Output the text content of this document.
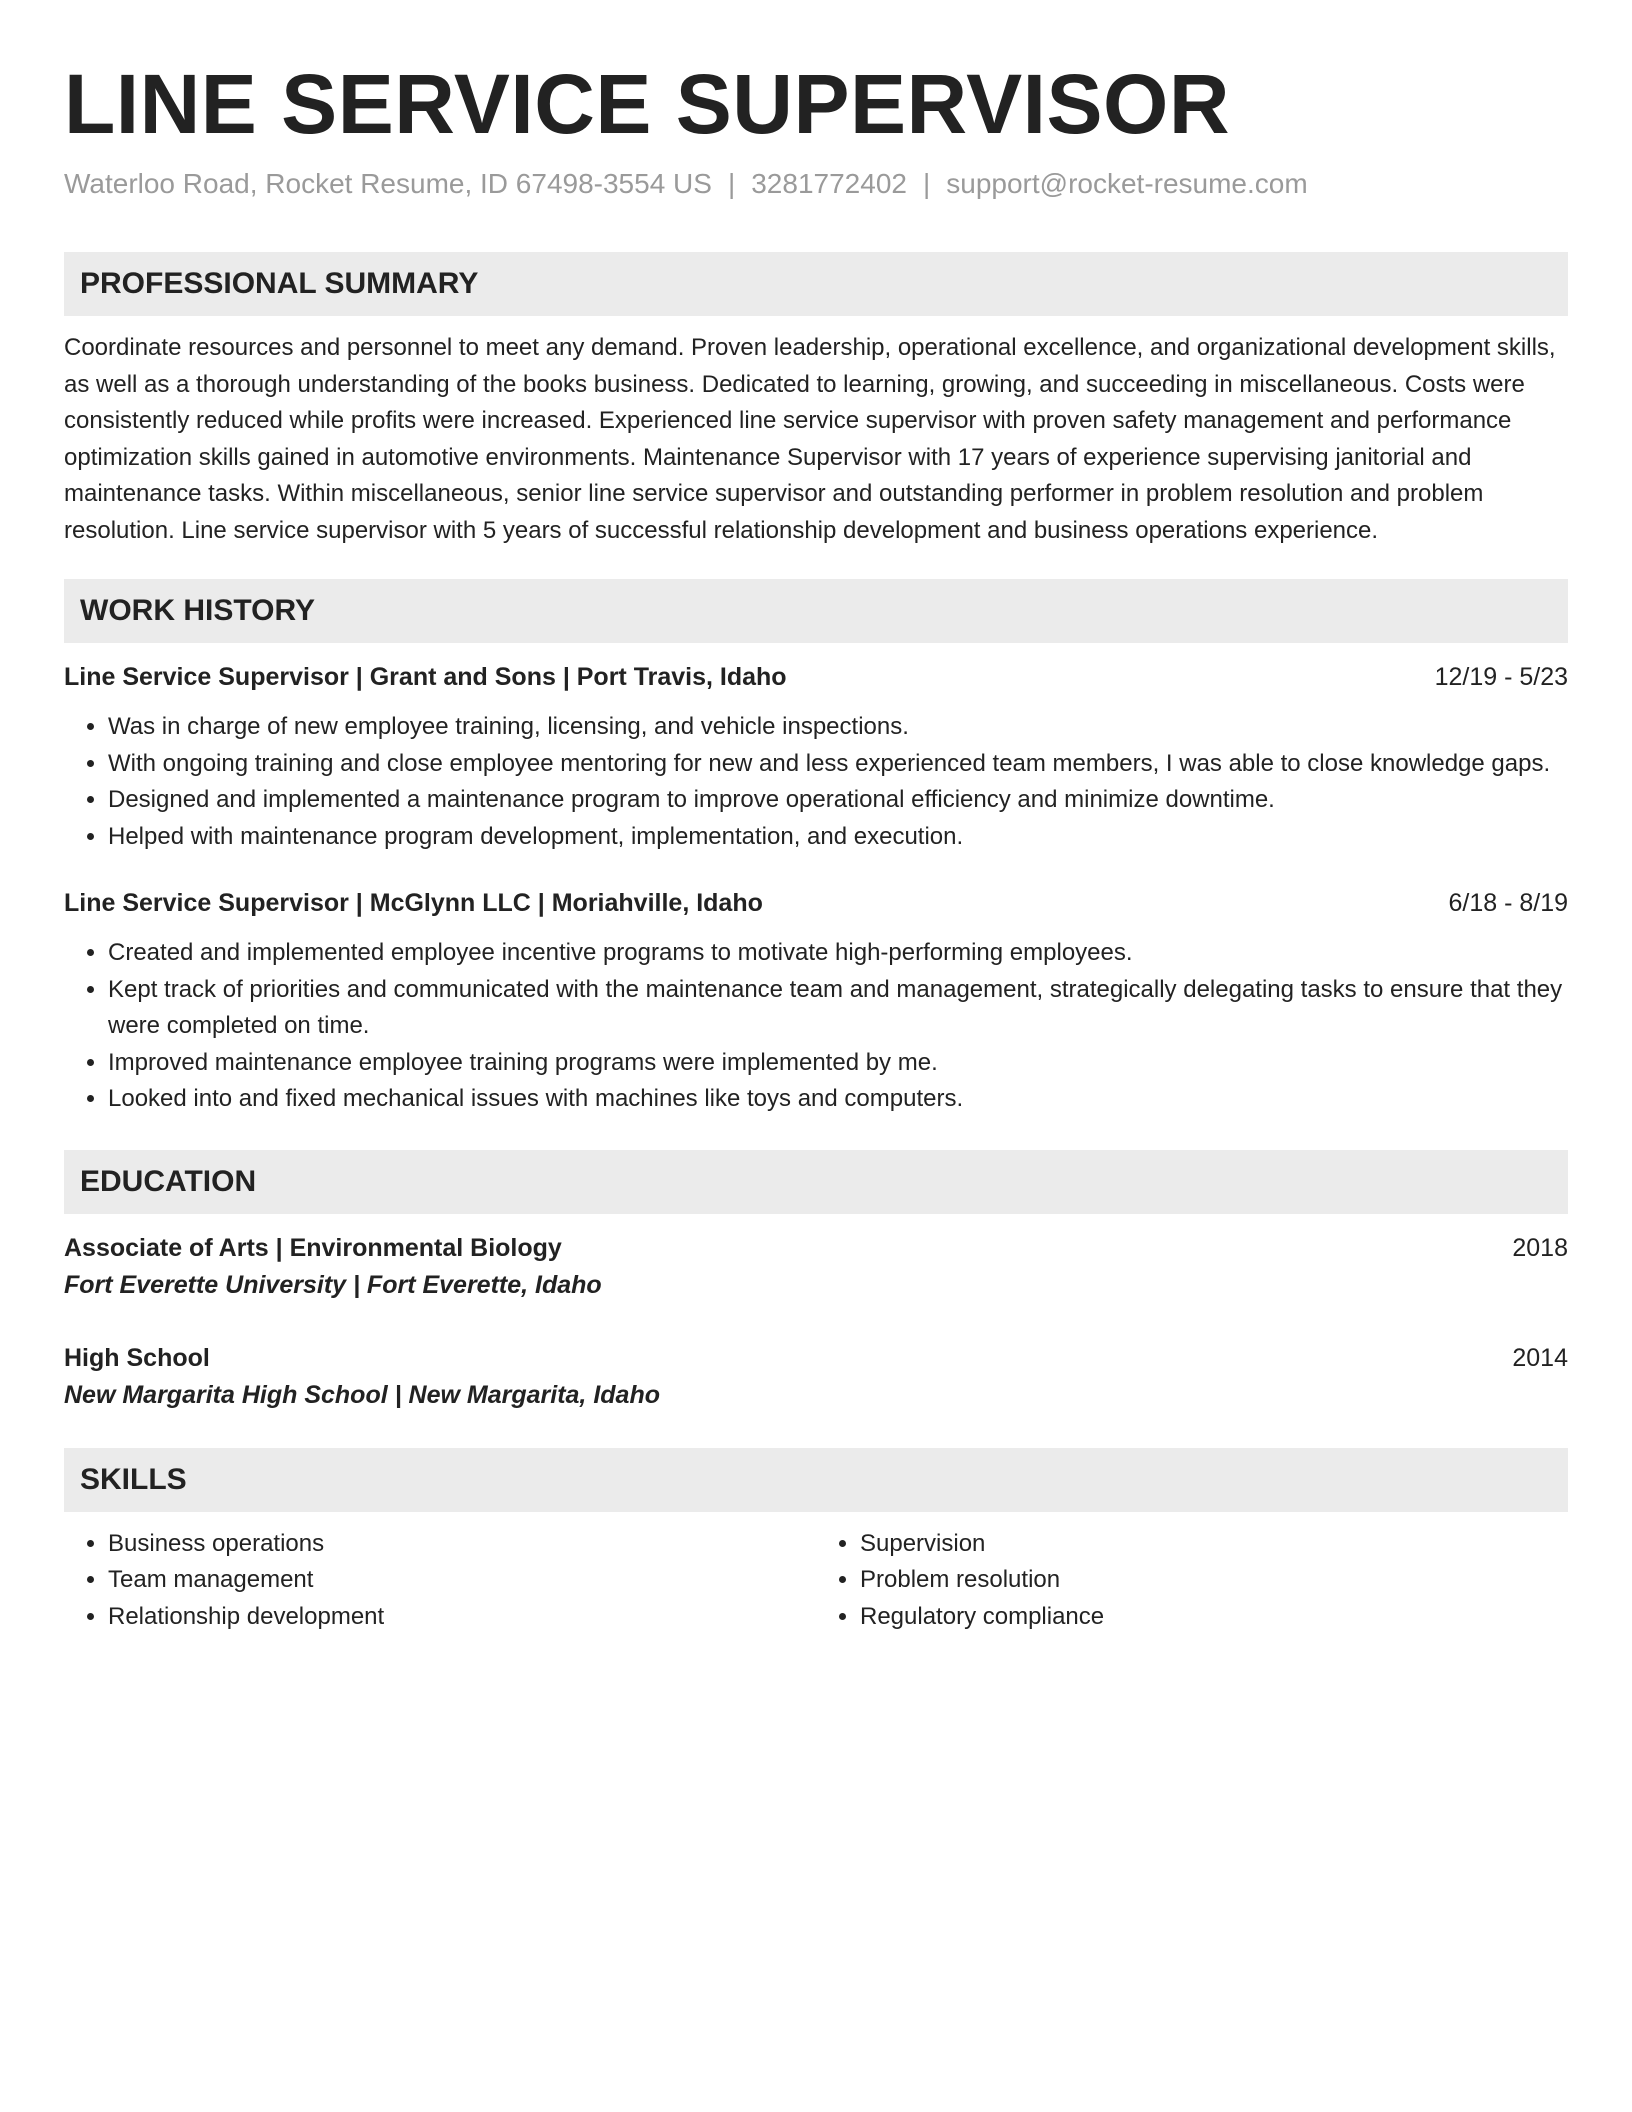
LINE SERVICE SUPERVISOR
Waterloo Road, Rocket Resume, ID 67498-3554 US | 3281772402 | support@rocket-resume.com
PROFESSIONAL SUMMARY
Coordinate resources and personnel to meet any demand. Proven leadership, operational excellence, and organizational development skills, as well as a thorough understanding of the books business. Dedicated to learning, growing, and succeeding in miscellaneous. Costs were consistently reduced while profits were increased. Experienced line service supervisor with proven safety management and performance optimization skills gained in automotive environments. Maintenance Supervisor with 17 years of experience supervising janitorial and maintenance tasks. Within miscellaneous, senior line service supervisor and outstanding performer in problem resolution and problem resolution. Line service supervisor with 5 years of successful relationship development and business operations experience.
WORK HISTORY
Line Service Supervisor | Grant and Sons | Port Travis, Idaho	12/19 - 5/23
• Was in charge of new employee training, licensing, and vehicle inspections.
• With ongoing training and close employee mentoring for new and less experienced team members, I was able to close knowledge gaps.
• Designed and implemented a maintenance program to improve operational efficiency and minimize downtime.
• Helped with maintenance program development, implementation, and execution.
Line Service Supervisor | McGlynn LLC | Moriahville, Idaho	6/18 - 8/19
• Created and implemented employee incentive programs to motivate high-performing employees.
• Kept track of priorities and communicated with the maintenance team and management, strategically delegating tasks to ensure that they were completed on time.
• Improved maintenance employee training programs were implemented by me.
• Looked into and fixed mechanical issues with machines like toys and computers.
EDUCATION
Associate of Arts | Environmental Biology	2018
Fort Everette University | Fort Everette, Idaho
High School	2014
New Margarita High School | New Margarita, Idaho
SKILLS
• Business operations
• Team management
• Relationship development
• Supervision
• Problem resolution
• Regulatory compliance
